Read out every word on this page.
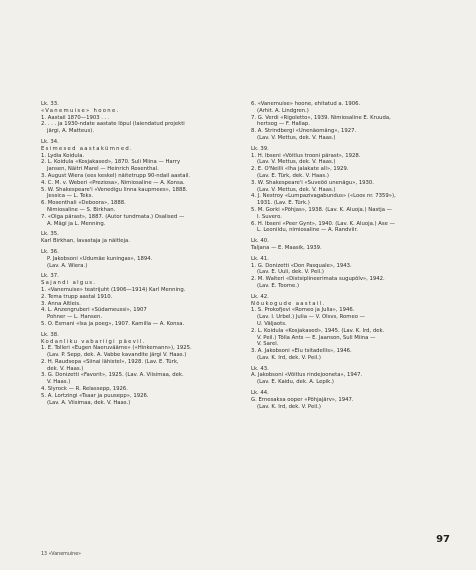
Lk. 33.
«Vanemuise» hoone.
1. Aastail 1870—1903 . . .
2. . . . ja 1930-ndate aastate lõpul (laiendatud projekti
järgi, A. Matteus).
Lk. 34.
Esimesed aastakümned.
1. Lydia Koidula.
2. L. Koidula «Kosjakased», 1870. Suli Miina — Harry
Jansen, Näitri Marel — Heinrich Rosenthal.
3. August Wiera (ees keskel) näitetrupp 90-ndail aastail.
4. C. M. v. Weberi «Preziosa», Nimiosaline — A. Konsa.
5. W. Shakespeare'i «Venedigu linna kaupmees», 1888.
Jessica — L. Teks.
6. Mosenthali «Deboora», 1888.
Nimiosaline — S. Birkhan.
7. «Olga pärast», 1887. (Autor tundmata.) Osalised —
A. Mägi ja L. Menning.
Lk. 35.
Karl Birkhan, lavastaja ja näitleja.
Lk. 36.
P. Jakobsoni «Udumäe kuningas», 1894.
(Lav. A. Wiera.)
Lk. 37.
Sajandi algus.
1. «Vanemuise» teatrijuht (1906—1914) Karl Menning.
2. Tema trupp aastal 1910.
3. Anna Altleis.
4. L. Anzengruberi «Südameussi», 1907
Pohner — L. Hansen.
5. O. Esmani «Isa ja poeg», 1907. Kamilla — A. Konsa.
Lk. 38.
Kodanliku vabariigi päevil.
1. E. Tolleri «Eugen Naeruväärne» («Hinkemann»), 1925.
(Lav. P. Sepp, dek. A. Vabbe kavandite järgi V. Haas.)
2. H. Raudsepa «Siinai lähistel», 1928. (Lav. E. Türk,
dek. V. Haas.)
3. G. Donizetti «Favorit», 1925. (Lav. A. Viisimaa, dek.
V. Haas.)
4. Slyrock — R. Relassepp, 1926.
5. A. Lortzingi «Tsaar ja puusepp», 1926.
(Lav. A. Viisimaa, dek. V. Haas.)
6. «Vanemuise» hoone, ehitatud a. 1906.
(Arhit. A. Lindgren.)
7. G. Verdi «Rigoletto», 1939. Nimiosaline E. Kruuda,
hertsog — F. Hallap.
8. A. Strindbergi «Unenäomäng», 1927.
(Lav. V. Mettus, dek. V. Haas.)
Lk. 39.
1. H. Ibseni «Võitlus trooni pärast», 1928.
(Lav. V. Mettus, dek. V. Haas.)
2. E. O'Neilli «Iha jalakate all», 1929.
(Lav. E. Türk, dek. V. Haas.)
3. W. Shakespeare'i «Suveöö unenägu», 1930.
(Lav. V. Mettus, dek. V. Haas.)
4. J. Nestroy «Lumpazivagabundus» («Loos nr. 7359»),
1931. (Lav. E. Türk.)
5. M. Gorki «Põhjas», 1938. (Lav. K. Aluoja.) Nastja —
I. Suvero.
6. H. Ibseni «Peer Gynt», 1940. (Lav. K. Aluoja.) Ase —
L. Leoniidu, nimiosaline — A. Randviir.
Lk. 40.
Taljana — E. Maasik, 1939.
Lk. 41.
1. G. Donizetti «Don Pasquale», 1943.
(Lav. E. Uuli, dek. V. Peil.)
2. M. Walteri «Distsiplineerimata sugupõlv», 1942.
(Lav. E. Toome.)
Lk. 42.
Nõukogude aastail.
1. S. Prokofjevi «Romeo ja Julia», 1946.
(Lav. I. Urbel.) Julia — V. Olsvs, Romeo —
U. Väljaots.
2. L. Koidula «Kosjakased», 1945. (Lav. K. Ird, dek.
V. Peil.) Tõlla Ants — E. Jaanson, Suli Miina —
V. Sarel.
3. A. Jakobsoni «Elu tsitadellis», 1946.
(Lav. K. Ird, dek. V. Peil.)
Lk. 43.
A. Jakobsoni «Võitlus rindejoonetа», 1947.
(Lav. E. Kaidu, dek. A. Lepik.)
Lk. 44.
G. Ernesaksa ooper «Põhjajärv», 1947.
(Lav. K. Ird, dek. V. Peil.)
97
13 «Vanemuine»
